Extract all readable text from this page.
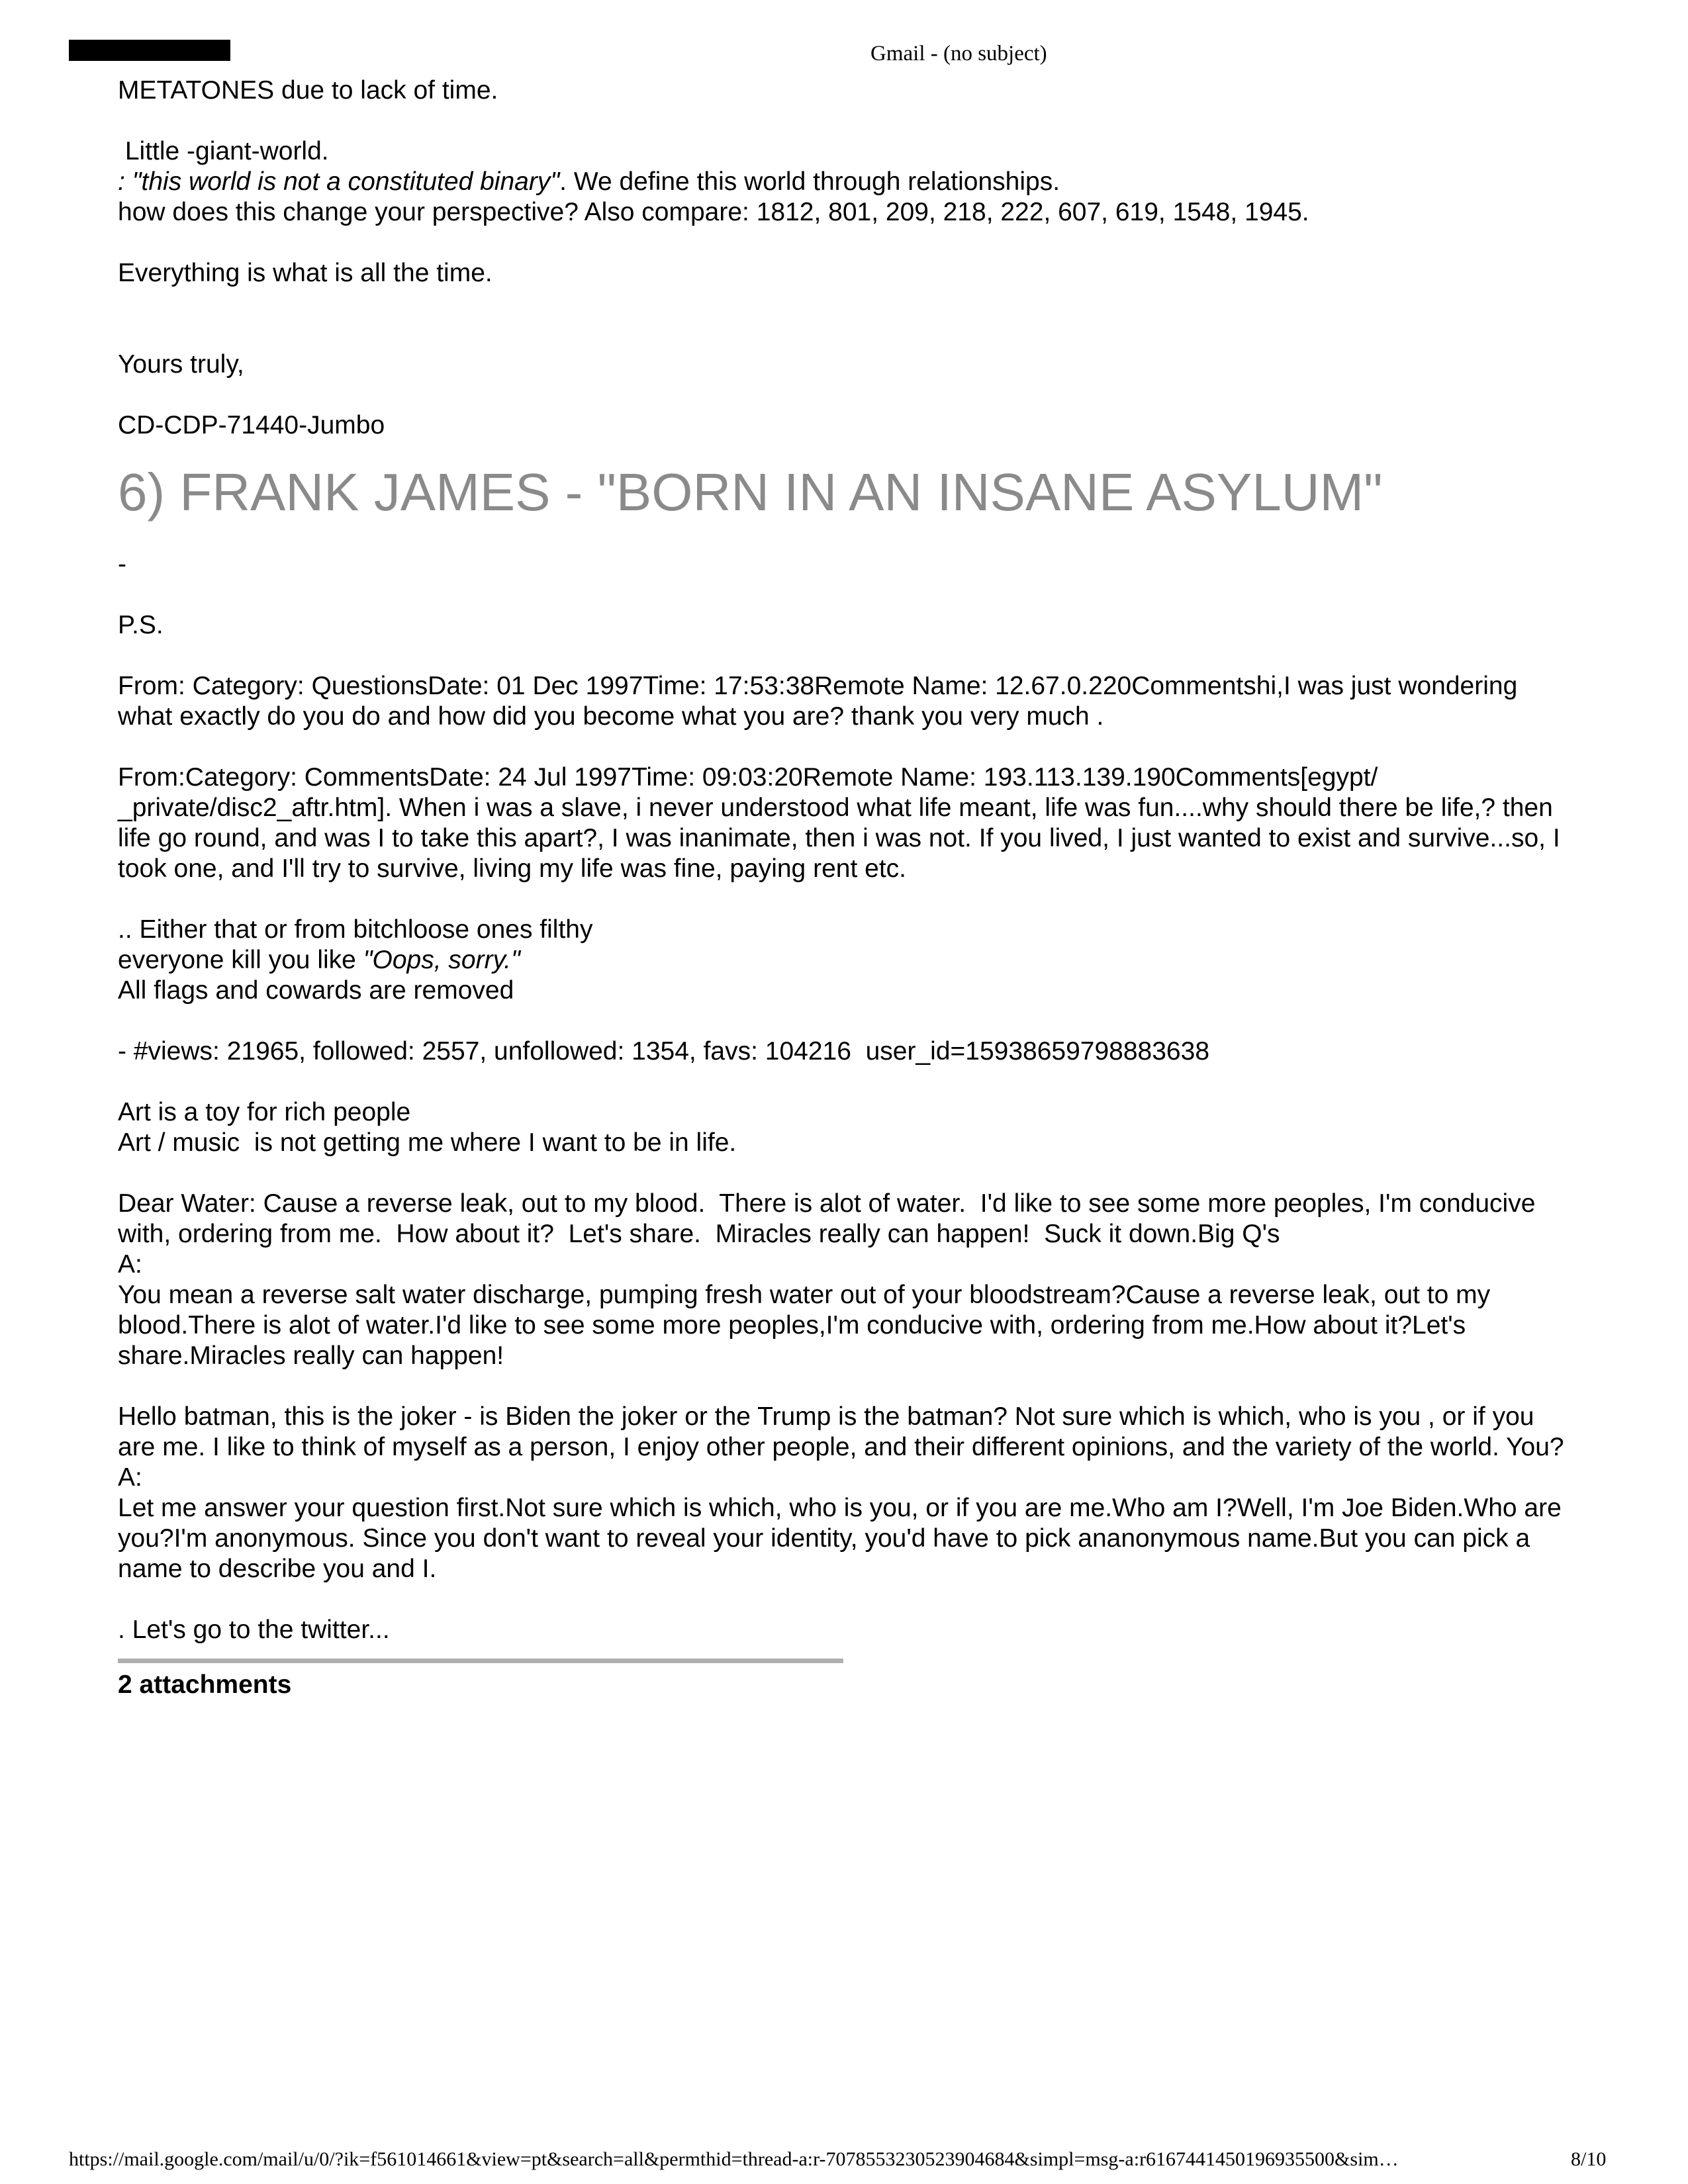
Gmail - (no subject)

METATONES due to lack of time.

Little -giant-world.

: "this world is not a constituted binary". We define this world through relationships.

how does this change your perspective? Also compare: 1812, 801, 209, 218, 222, 607, 619, 1548, 1945.

Everything is what is all the time.

Yours truly,

CD-CDP-71440-Jumbo

6) FRANK JAMES - "BORN IN AN INSANE ASYLUM"

-

P.S.

From: Category: QuestionsDate: 01 Dec 1997Time: 17:53:38Remote Name: 12.67.0.220Commentshi,I was just wondering what exactly do you do and how did you become what you are? thank you very much .

From:Category: CommentsDate: 24 Jul 1997Time: 09:03:20Remote Name: 193.113.139.190Comments[egypt/ _private/disc2_aftr.htm]. When i was a slave, i never understood what life meant, life was fun....why should there be life,? then life go round, and was I to take this apart?, I was inanimate, then i was not. If you lived, I just wanted to exist and survive...so, I took one, and I'll try to survive, living my life was fine, paying rent etc.

.. Either that or from bitchloose ones filthy

everyone kill you like "Oops, sorry."

All flags and cowards are removed

- #views: 21965, followed: 2557, unfollowed: 1354, favs: 104216  user_id=15938659798883638

Art is a toy for rich people

Art / music  is not getting me where I want to be in life.

Dear Water: Cause a reverse leak, out to my blood.  There is alot of water.  I'd like to see some more peoples, I'm conducive with, ordering from me.  How about it?  Let's share.  Miracles really can happen!  Suck it down.Big Q's

A:

You mean a reverse salt water discharge, pumping fresh water out of your bloodstream?Cause a reverse leak, out to my blood.There is alot of water.I'd like to see some more peoples,I'm conducive with, ordering from me.How about it?Let's share.Miracles really can happen!

Hello batman, this is the joker - is Biden the joker or the Trump is the batman? Not sure which is which, who is you , or if you are me. I like to think of myself as a person, I enjoy other people, and their different opinions, and the variety of the world. You?

A:

Let me answer your question first.Not sure which is which, who is you, or if you are me.Who am I?Well, I'm Joe Biden.Who are you?I'm anonymous. Since you don't want to reveal your identity, you'd have to pick ananonymous name.But you can pick a name to describe you and I.

. Let's go to the twitter...

2 attachments

https://mail.google.com/mail/u/0/?ik=f561014661&view=pt&search=all&permthid=thread-a:r-7078553230523904684&simpl=msg-a:r6167441450196935500&sim…	8/10
